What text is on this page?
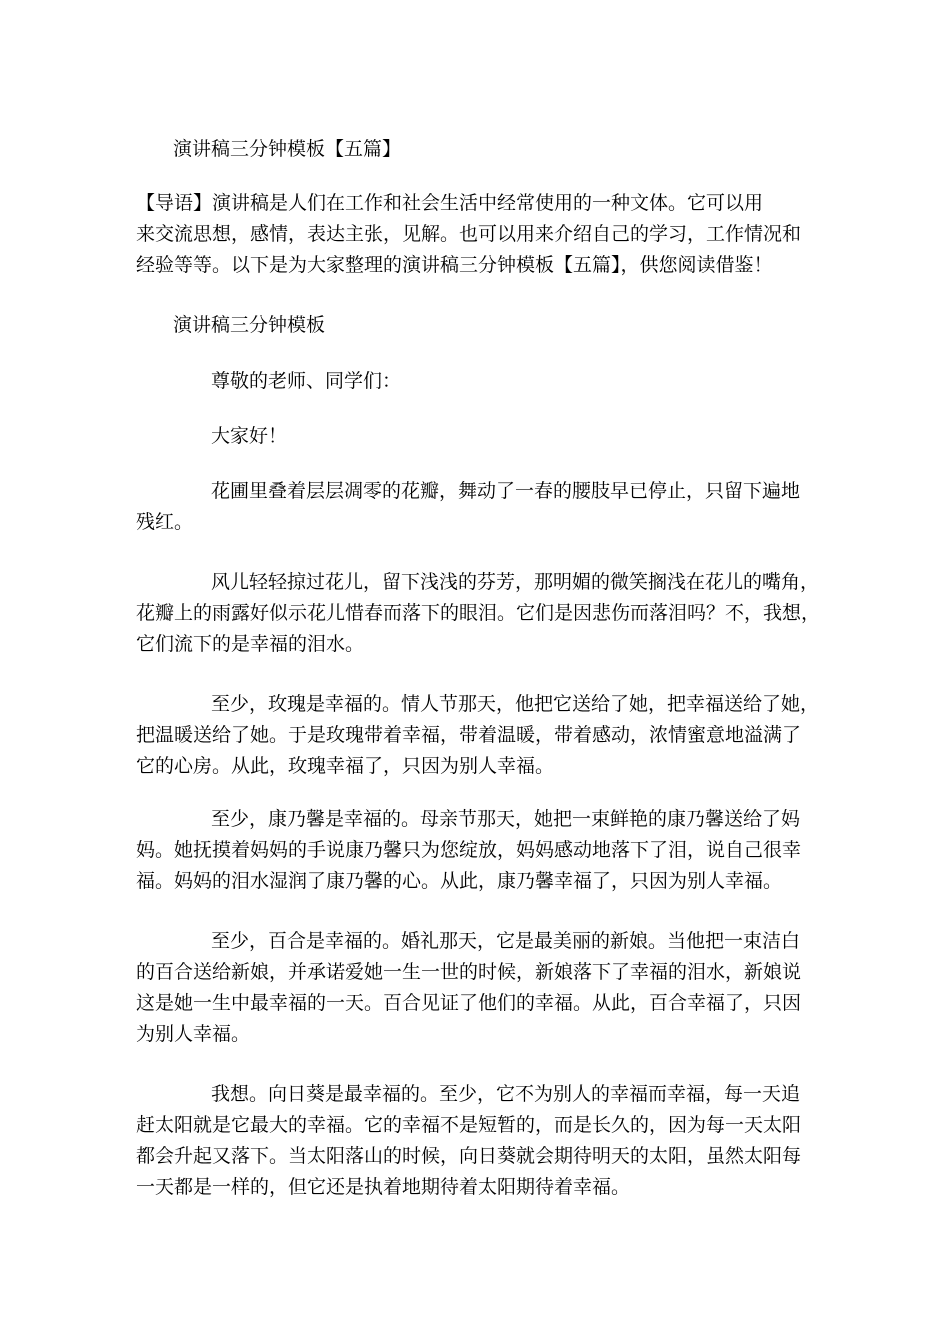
演讲稿三分钟模板【五篇】
【导语】演讲稿是人们在工作和社会生活中经常使用的一种文体。它可以用
来交流思想，感情，表达主张，见解。也可以用来介绍自己的学习，工作情况和
经验等等。以下是为大家整理的演讲稿三分钟模板【五篇】，供您阅读借鉴！
演讲稿三分钟模板
尊敬的老师、同学们：
大家好！
花圃里叠着层层凋零的花瓣，舞动了一春的腰肢早已停止，只留下遍地
残红。
风儿轻轻掠过花儿，留下浅浅的芬芳，那明媚的微笑搁浅在花儿的嘴角，
花瓣上的雨露好似示花儿惜春而落下的眼泪。它们是因悲伤而落泪吗？不，我想，
它们流下的是幸福的泪水。
至少，玫瑰是幸福的。情人节那天，他把它送给了她，把幸福送给了她，
把温暖送给了她。于是玫瑰带着幸福，带着温暖，带着感动，浓情蜜意地溢满了
它的心房。从此，玫瑰幸福了，只因为别人幸福。
至少，康乃馨是幸福的。母亲节那天，她把一束鲜艳的康乃馨送给了妈
妈。她抚摸着妈妈的手说康乃馨只为您绽放，妈妈感动地落下了泪，说自己很幸
福。妈妈的泪水湿润了康乃馨的心。从此，康乃馨幸福了，只因为别人幸福。
至少，百合是幸福的。婚礼那天，它是最美丽的新娘。当他把一束洁白
的百合送给新娘，并承诺爱她一生一世的时候，新娘落下了幸福的泪水，新娘说
这是她一生中最幸福的一天。百合见证了他们的幸福。从此，百合幸福了，只因
为别人幸福。
我想。向日葵是最幸福的。至少，它不为别人的幸福而幸福，每一天追
赶太阳就是它最大的幸福。它的幸福不是短暂的，而是长久的，因为每一天太阳
都会升起又落下。当太阳落山的时候，向日葵就会期待明天的太阳，虽然太阳每
一天都是一样的，但它还是执着地期待着太阳期待着幸福。
